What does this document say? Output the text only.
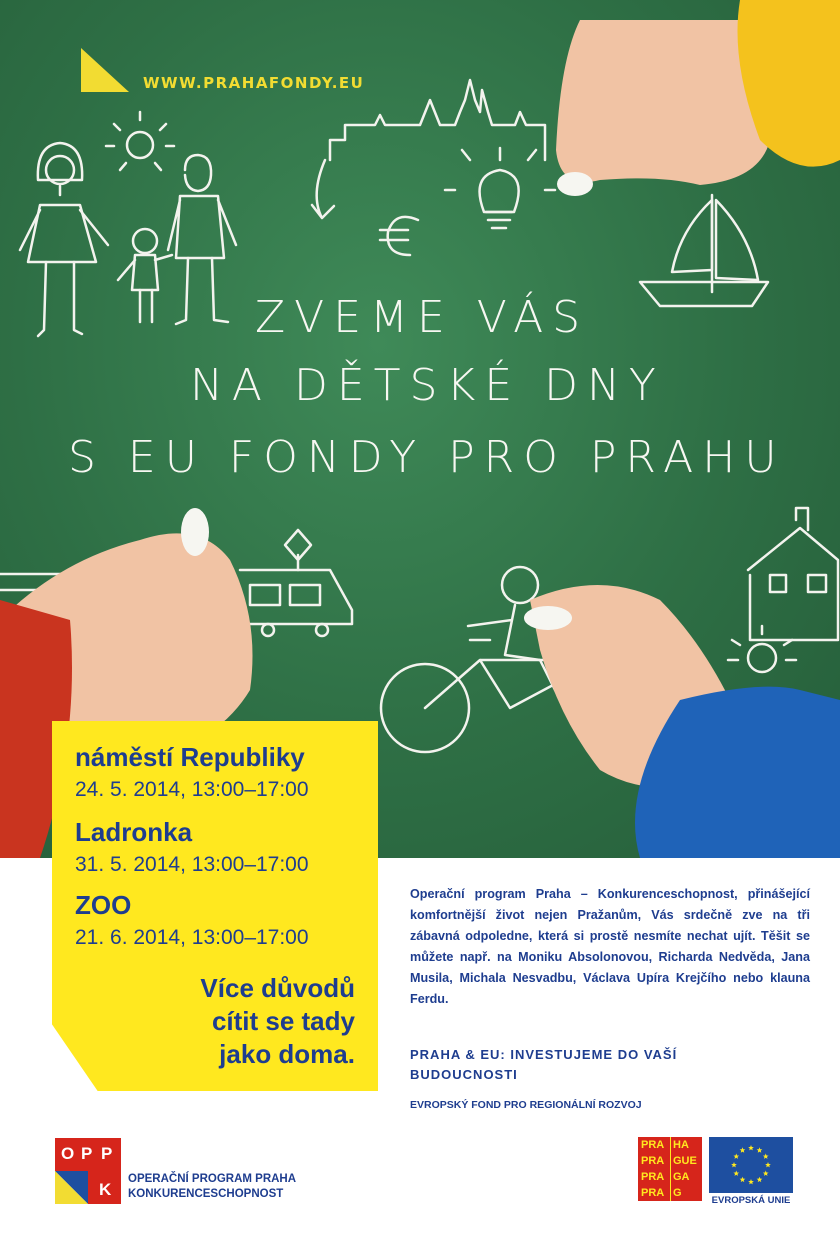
WWW.PRAHAFONDY.EU
ZVEME VÁS
NA DĚTSKÉ DNY
S EU FONDY PRO PRAHU
náměstí Republiky
24. 5. 2014, 13:00–17:00
Ladronka
31. 5. 2014, 13:00–17:00
ZOO
21. 6. 2014, 13:00–17:00
Více důvodů cítit se tady jako doma.
Operační program Praha – Konkurenceschopnost, přinášející komfortnější život nejen Pražanům, Vás srdečně zve na tři zábavná odpoledne, která si prostě nesmíte nechat ujít. Těšit se můžete např. na Moniku Absolonovou, Richarda Nedvěda, Jana Musila, Michala Nesvadbu, Václava Upíra Krejčího nebo klauna Ferdu.
PRAHA & EU: INVESTUJEME DO VAŠÍ BUDOUCNOSTI
EVROPSKÝ FOND PRO REGIONÁLNÍ ROZVOJ
O P P
K
OPERAČNÍ PROGRAM PRAHA
KONKURENCESCHOPNOST
PRA
PRA
PRA
PRA
HA
GUE
GA
G
EVROPSKÁ UNIE
